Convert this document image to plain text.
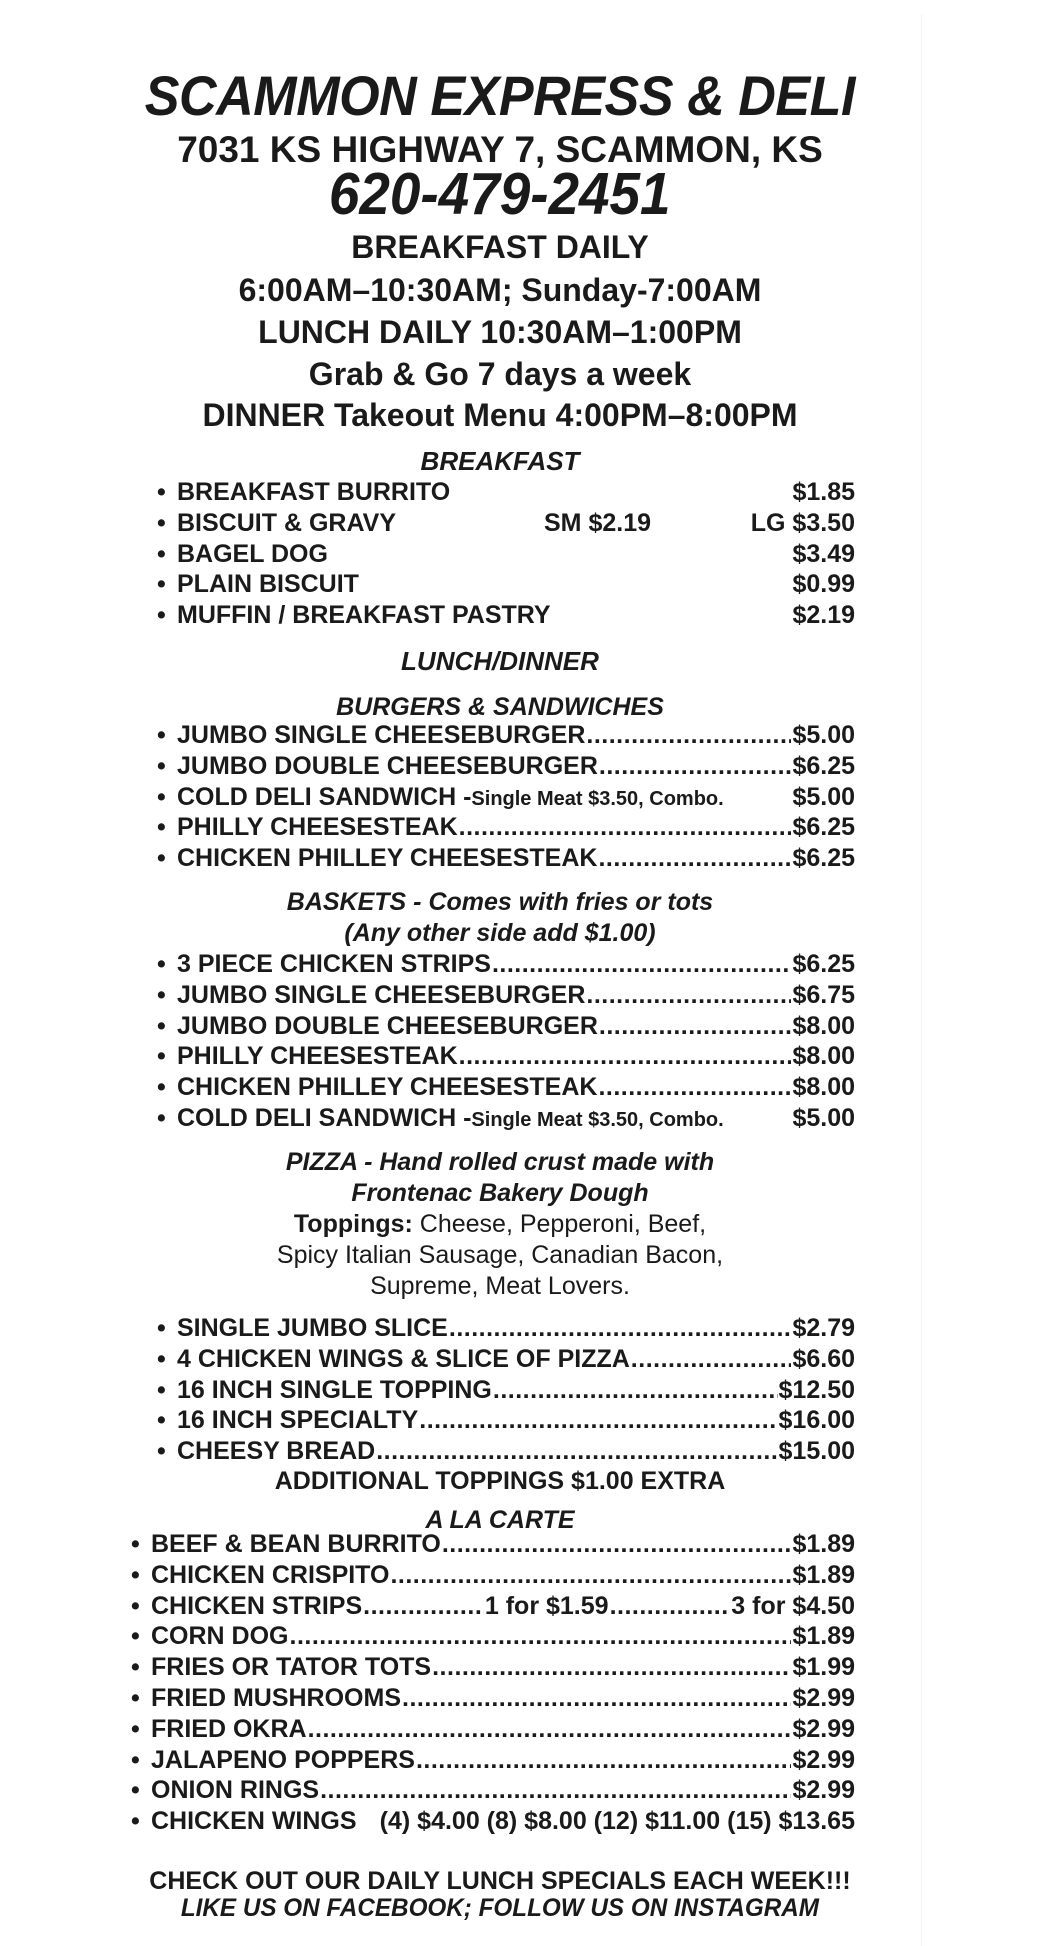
SCAMMON EXPRESS & DELI
7031 KS HIGHWAY 7, SCAMMON, KS
620-479-2451
BREAKFAST DAILY
6:00AM–10:30AM; Sunday-7:00AM
LUNCH DAILY 10:30AM–1:00PM
Grab & Go 7 days a week
DINNER Takeout Menu 4:00PM–8:00PM
BREAKFAST
• BREAKFAST BURRITO	$1.85
• BISCUIT & GRAVY	SM $2.19	LG $3.50
• BAGEL DOG	$3.49
• PLAIN BISCUIT	$0.99
• MUFFIN / BREAKFAST PASTRY	$2.19
LUNCH/DINNER
BURGERS & SANDWICHES
• JUMBO SINGLE CHEESEBURGER .....	$5.00
• JUMBO DOUBLE CHEESEBURGER .....	$6.25
• COLD DELI SANDWICH - Single Meat $3.50, Combo.	$5.00
• PHILLY CHEESESTEAK .....	$6.25
• CHICKEN PHILLEY CHEESESTEAK .....	$6.25
BASKETS - Comes with fries or tots
(Any other side add $1.00)
• 3 PIECE CHICKEN STRIPS .....	$6.25
• JUMBO SINGLE CHEESEBURGER .....	$6.75
• JUMBO DOUBLE CHEESEBURGER .....	$8.00
• PHILLY CHEESESTEAK .....	$8.00
• CHICKEN PHILLEY CHEESESTEAK .....	$8.00
• COLD DELI SANDWICH - Single Meat $3.50, Combo.	$5.00
PIZZA - Hand rolled crust made with
Frontenac Bakery Dough
Toppings: Cheese, Pepperoni, Beef,
Spicy Italian Sausage, Canadian Bacon,
Supreme, Meat Lovers.
• SINGLE JUMBO SLICE .....	$2.79
• 4 CHICKEN WINGS & SLICE OF PIZZA .....	$6.60
• 16 INCH SINGLE TOPPING .....	$12.50
• 16 INCH SPECIALTY .....	$16.00
• CHEESY BREAD .....	$15.00
ADDITIONAL TOPPINGS $1.00 EXTRA
A LA CARTE
• BEEF & BEAN BURRITO .....	$1.89
• CHICKEN CRISPITO .....	$1.89
• CHICKEN STRIPS .....	1 for $1.59 .....	3 for $4.50
• CORN DOG .....	$1.89
• FRIES OR TATOR TOTS .....	$1.99
• FRIED MUSHROOMS .....	$2.99
• FRIED OKRA .....	$2.99
• JALAPENO POPPERS .....	$2.99
• ONION RINGS .....	$2.99
• CHICKEN WINGS (4) $4.00 (8) $8.00 (12) $11.00 (15) $13.65
CHECK OUT OUR DAILY LUNCH SPECIALS EACH WEEK!!!
LIKE US ON FACEBOOK; FOLLOW US ON INSTAGRAM
